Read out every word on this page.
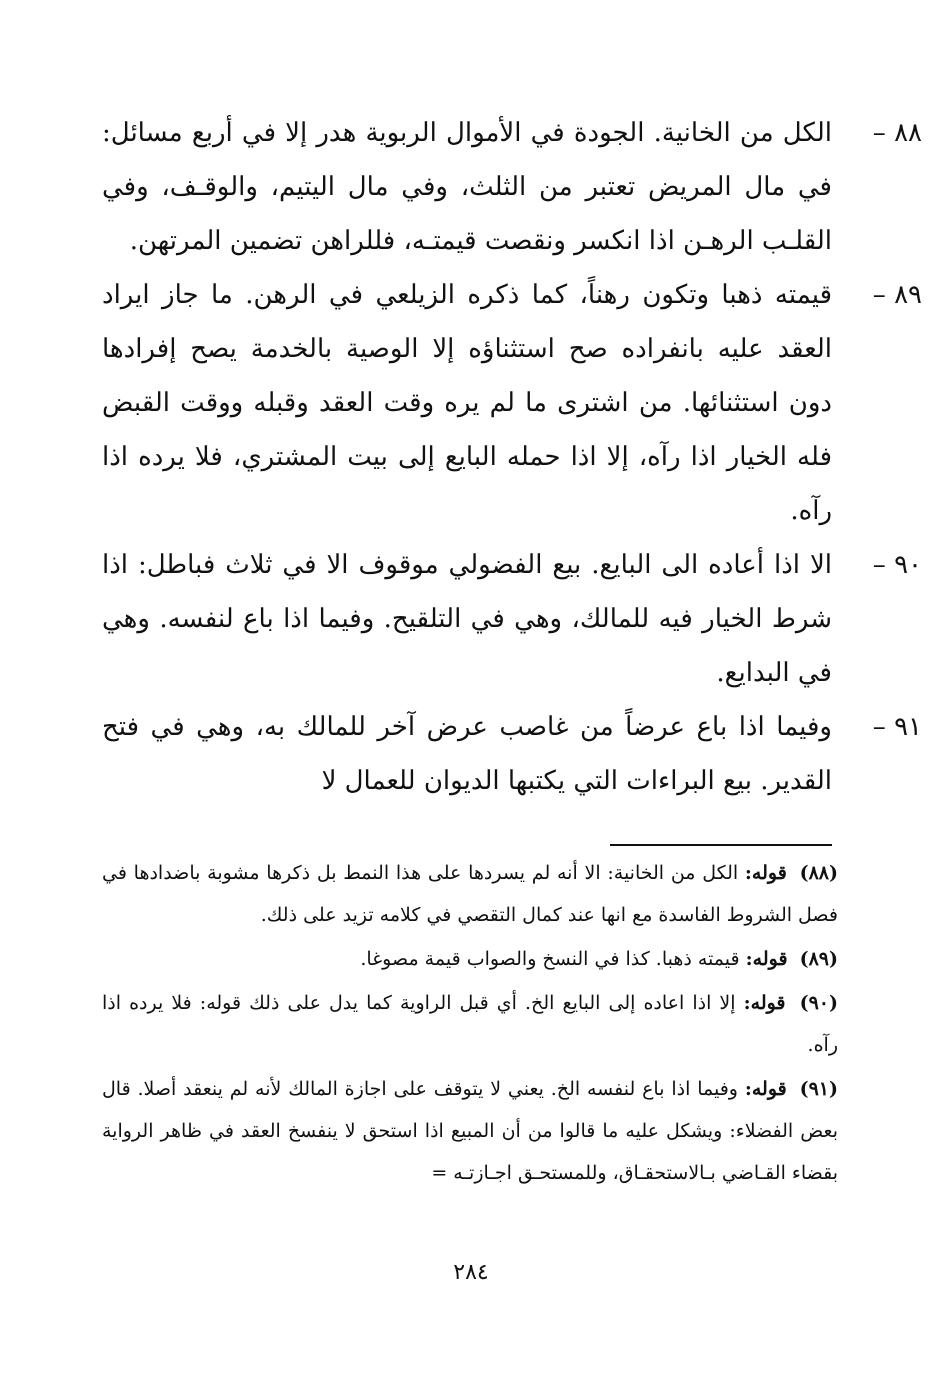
٨٨ –
الكل من الخانية. الجودة في الأموال الربوية هدر إلا في أربع مسائل: في مال المريض تعتبر من الثلث، وفي مال اليتيم، والوقـف، وفي القلـب الرهـن اذا انكسر ونقصت قيمتـه، فللراهن تضمين المرتهن.
٨٩ –
قيمته ذهبا وتكون رهناً، كما ذكره الزيلعي في الرهن. ما جاز ايراد العقد عليه بانفراده صح استثناؤه إلا الوصية بالخدمة يصح إفرادها دون استثنائها. من اشترى ما لم يره وقت العقد وقبله ووقت القبض فله الخيار اذا رآه، إلا اذا حمله البايع إلى بيت المشتري، فلا يرده اذا رآه.
٩٠ –
الا اذا أعاده الى البايع. بيع الفضولي موقوف الا في ثلاث فباطل: اذا شرط الخيار فيه للمالك، وهي في التلقيح. وفيما اذا باع لنفسه. وهي في البدايع.
٩١ –
وفيما اذا باع عرضاً من غاصب عرض آخر للمالك به، وهي في فتح القدير. بيع البراءات التي يكتبها الديوان للعمال لا
(٨٨) قوله: الكل من الخانية: الا أنه لم يسردها على هذا النمط بل ذكرها مشوبة باضدادها في فصل الشروط الفاسدة مع انها عند كمال التقصي في كلامه تزيد على ذلك.
(٨٩) قوله: قيمته ذهبا. كذا في النسخ والصواب قيمة مصوغا.
(٩٠) قوله: إلا اذا اعاده إلى البايع الخ. أي قبل الراوية كما يدل على ذلك قوله: فلا يرده اذا رآه.
(٩١) قوله: وفيما اذا باع لنفسه الخ. يعني لا يتوقف على اجازة المالك لأنه لم ينعقد أصلا. قال بعض الفضلاء: ويشكل عليه ما قالوا من أن المبيع اذا استحق لا ينفسخ العقد في ظاهر الرواية بقضاء القـاضي بـالاستحقـاق، وللمستحـق اجـازتـه =
٢٨٤
